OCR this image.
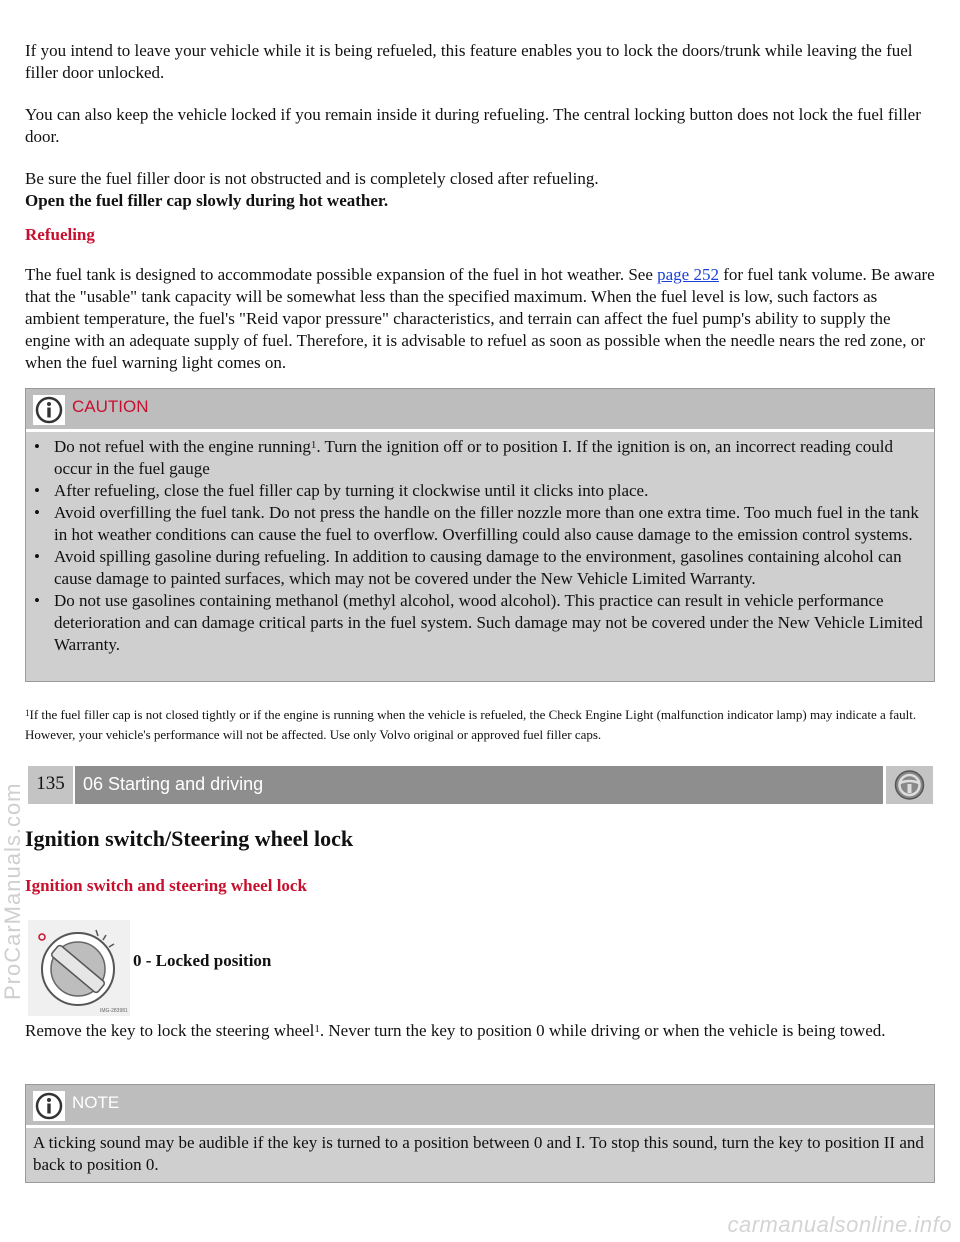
If you intend to leave your vehicle while it is being refueled, this feature enables you to lock the doors/trunk while leaving the fuel filler door unlocked.

You can also keep the vehicle locked if you remain inside it during refueling. The central locking button does not lock the fuel filler door.

Be sure the fuel filler door is not obstructed and is completely closed after refueling.

Open the fuel filler cap slowly during hot weather.

Refueling

The fuel tank is designed to accommodate possible expansion of the fuel in hot weather. See page 252 for fuel tank volume. Be aware that the "usable" tank capacity will be somewhat less than the specified maximum. When the fuel level is low, such factors as ambient temperature, the fuel's "Reid vapor pressure" characteristics, and terrain can affect the fuel pump's ability to supply the engine with an adequate supply of fuel. Therefore, it is advisable to refuel as soon as possible when the needle nears the red zone, or when the fuel warning light comes on.

CAUTION
• Do not refuel with the engine running$^1$. Turn the ignition off or to position I. If the ignition is on, an incorrect reading could occur in the fuel gauge
• After refueling, close the fuel filler cap by turning it clockwise until it clicks into place.
• Avoid overfilling the fuel tank. Do not press the handle on the filler nozzle more than one extra time. Too much fuel in the tank in hot weather conditions can cause the fuel to overflow. Overfilling could also cause damage to the emission control systems.
• Avoid spilling gasoline during refueling. In addition to causing damage to the environment, gasolines containing alcohol can cause damage to painted surfaces, which may not be covered under the New Vehicle Limited Warranty.
• Do not use gasolines containing methanol (methyl alcohol, wood alcohol). This practice can result in vehicle performance deterioration and can damage critical parts in the fuel system. Such damage may not be covered under the New Vehicle Limited Warranty.
$^1$If the fuel filler cap is not closed tightly or if the engine is running when the vehicle is refueled, the Check Engine Light (malfunction indicator lamp) may indicate a fault. However, your vehicle's performance will not be affected. Use only Volvo original or approved fuel filler caps.
135	06 Starting and driving
Ignition switch/Steering wheel lock
Ignition switch and steering wheel lock
IMG-283981

0 - Locked position

Remove the key to lock the steering wheel$^1$. Never turn the key to position 0 while driving or when the vehicle is being towed.

NOTE
A ticking sound may be audible if the key is turned to a position between 0 and I. To stop this sound, turn the key to position II and back to position 0.
ProCarManuals.com
carmanualsonline.info
